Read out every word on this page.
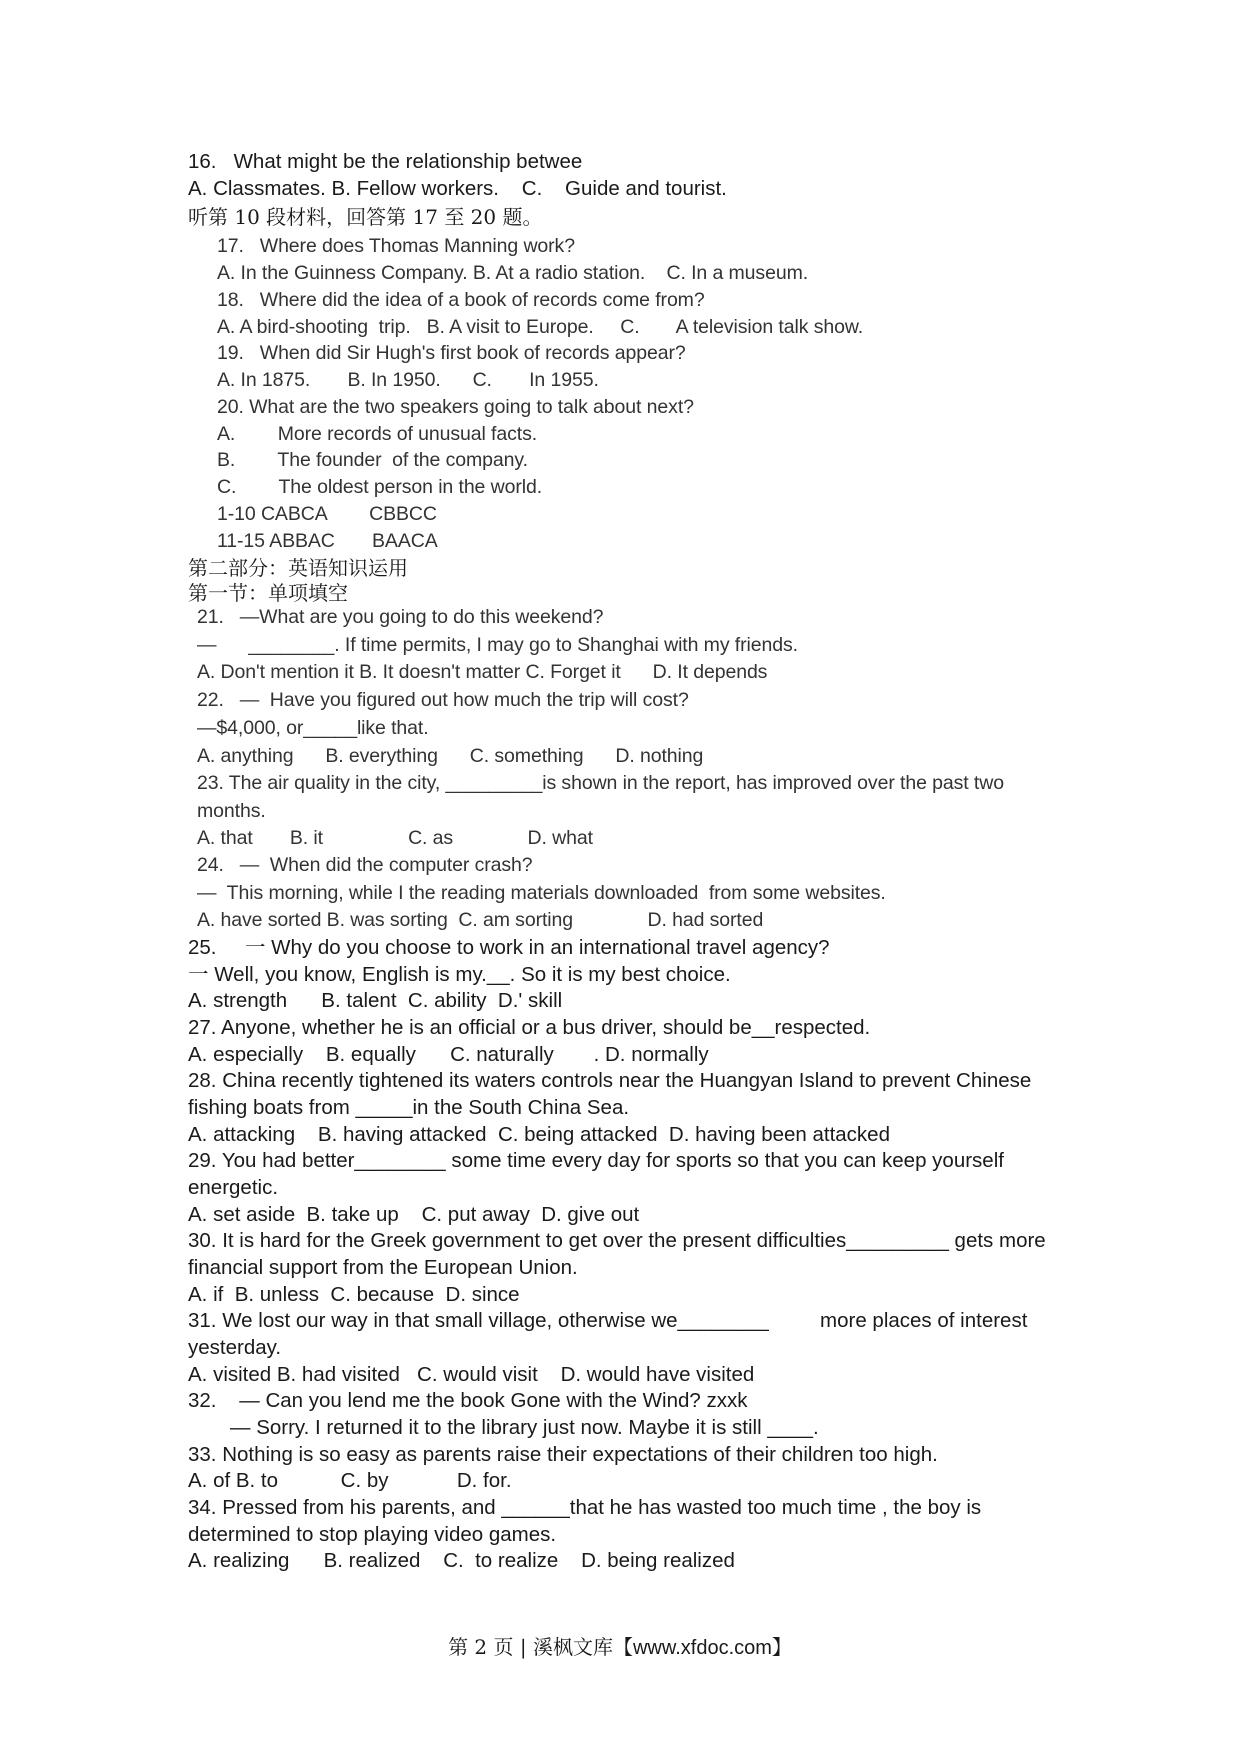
16.   What might be the relationship betwee
A. Classmates. B. Fellow workers.    C.    Guide and tourist.
听第 10 段材料，回答第 17 至 20 题。
17.   Where does Thomas Manning work?
A. In the Guinness Company. B. At a radio station.    C. In a museum.
18.   Where did the idea of a book of records come from?
A. A bird-shooting  trip.   B. A visit to Europe.     C.       A television talk show.
19.   When did Sir Hugh's first book of records appear?
A. In 1875.       B. In 1950.      C.       In 1955.
20. What are the two speakers going to talk about next?
A.        More records of unusual facts.
B.        The founder  of the company.
C.        The oldest person in the world.
1-10 CABCA        CBBCC
11-15 ABBAC       BAACA
第二部分：英语知识运用
第一节：单项填空
21.   —What are you going to do this weekend?
—      ________. If time permits, I may go to Shanghai with my friends.
A. Don't mention it B. It doesn't matter C. Forget it      D. It depends
22.   —  Have you figured out how much the trip will cost?
—$4,000, or_____like that.
A. anything      B. everything      C. something      D. nothing
23. The air quality in the city, _________is shown in the report, has improved over the past two
months.
A. that       B. it                C. as              D. what
24.   —  When did the computer crash?
—  This morning, while I the reading materials downloaded  from some websites.
A. have sorted B. was sorting  C. am sorting              D. had sorted
25.     一 Why do you choose to work in an international travel agency?
一 Well, you know, English is my.__. So it is my best choice.
A. strength      B. talent  C. ability  D.' skill
27. Anyone, whether he is an official or a bus driver, should be__respected.
A. especially    B. equally      C. naturally       . D. normally
28. China recently tightened its waters controls near the Huangyan Island to prevent Chinese
fishing boats from _____in the South China Sea.
A. attacking    B. having attacked  C. being attacked  D. having been attacked
29. You had better________ some time every day for sports so that you can keep yourself
energetic.
A. set aside  B. take up    C. put away  D. give out
30. It is hard for the Greek government to get over the present difficulties_________ gets more
financial support from the European Union.
A. if  B. unless  C. because  D. since
31. We lost our way in that small village, otherwise we________         more places of interest
yesterday.
A. visited B. had visited   C. would visit    D. would have visited
32.    — Can you lend me the book Gone with the Wind? zxxk
— Sorry. I returned it to the library just now. Maybe it is still ____.
33. Nothing is so easy as parents raise their expectations of their children too high.
A. of B. to           C. by            D. for.
34. Pressed from his parents, and ______that he has wasted too much time , the boy is
determined to stop playing video games.
A. realizing      B. realized    C.  to realize    D. being realized
第 2 页 | 溪枫文库【www.xfdoc.com】
